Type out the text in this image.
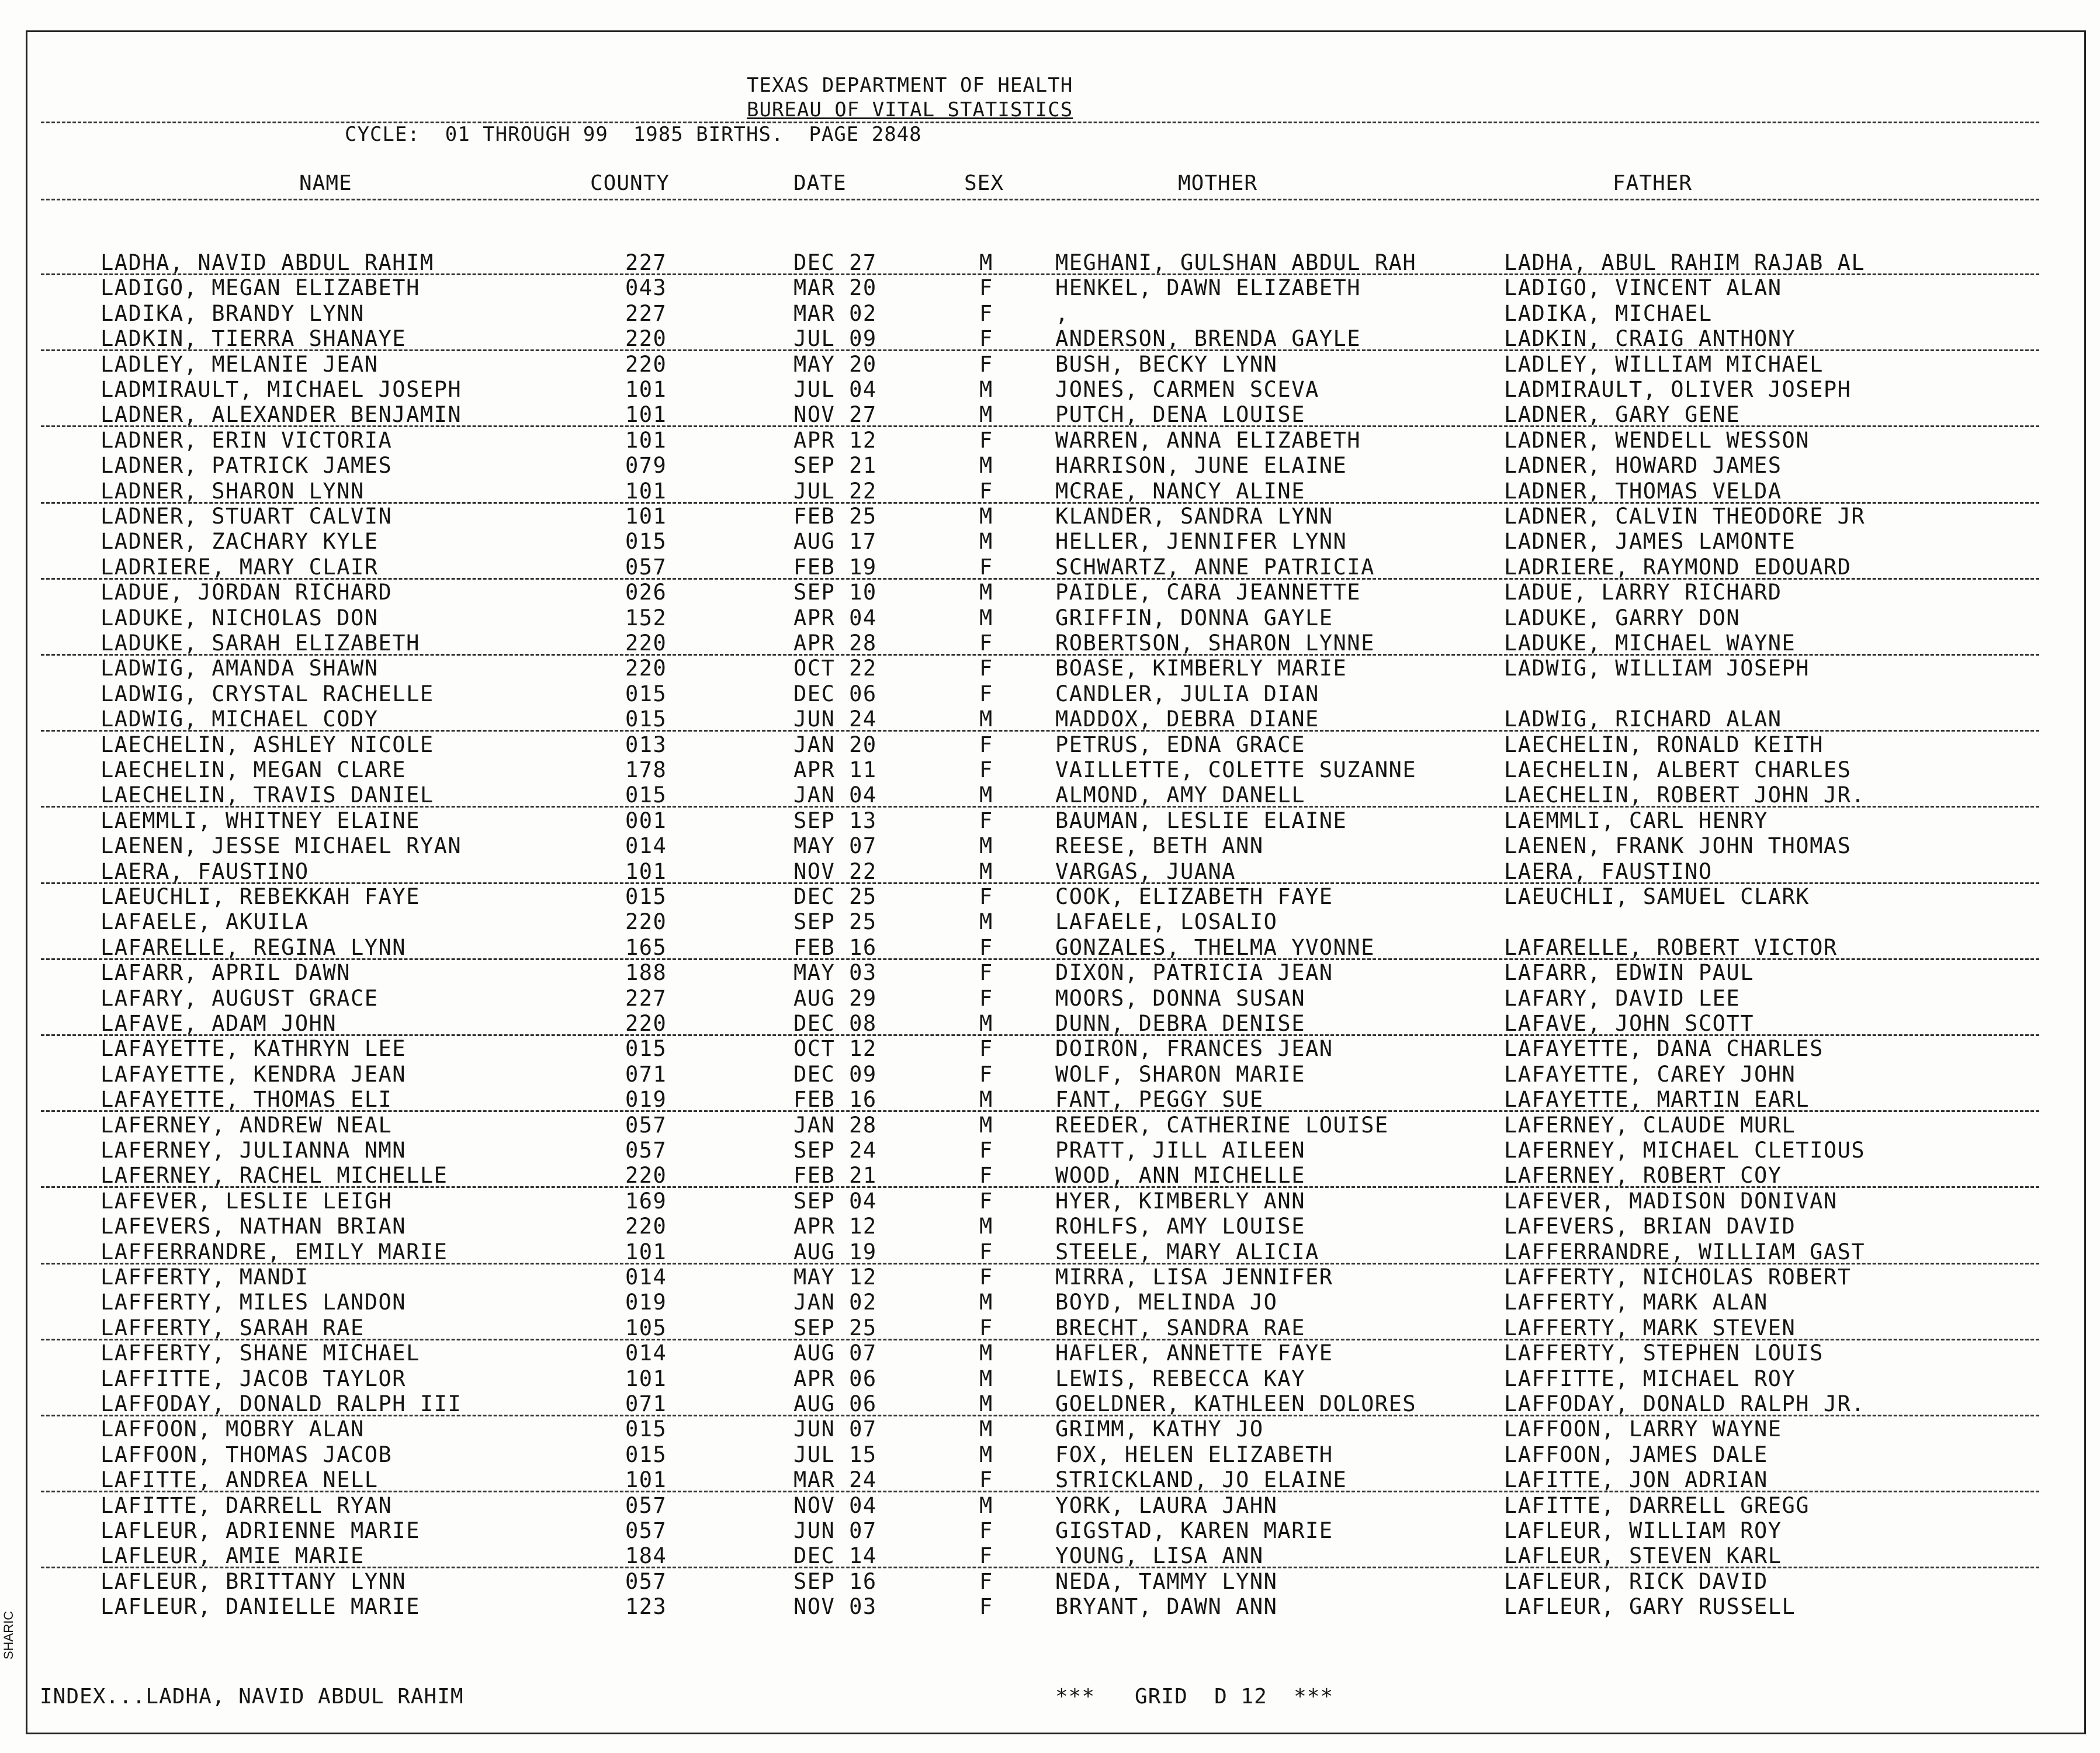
TEXAS DEPARTMENT OF HEALTH
BUREAU OF VITAL STATISTICS
CYCLE:  01 THROUGH 99  1985 BIRTHS.  PAGE 2848
NAME	COUNTY	DATE	SEX	MOTHER	FATHER
LADHA, NAVID ABDUL RAHIM	227	DEC 27	M	MEGHANI, GULSHAN ABDUL RAH	LADHA, ABUL RAHIM RAJAB AL
LADIGO, MEGAN ELIZABETH	043	MAR 20	F	HENKEL, DAWN ELIZABETH	LADIGO, VINCENT ALAN
LADIKA, BRANDY LYNN	227	MAR 02	F	,	LADIKA, MICHAEL
LADKIN, TIERRA SHANAYE	220	JUL 09	F	ANDERSON, BRENDA GAYLE	LADKIN, CRAIG ANTHONY
LADLEY, MELANIE JEAN	220	MAY 20	F	BUSH, BECKY LYNN	LADLEY, WILLIAM MICHAEL
LADMIRAULT, MICHAEL JOSEPH	101	JUL 04	M	JONES, CARMEN SCEVA	LADMIRAULT, OLIVER JOSEPH
LADNER, ALEXANDER BENJAMIN	101	NOV 27	M	PUTCH, DENA LOUISE	LADNER, GARY GENE
LADNER, ERIN VICTORIA	101	APR 12	F	WARREN, ANNA ELIZABETH	LADNER, WENDELL WESSON
LADNER, PATRICK JAMES	079	SEP 21	M	HARRISON, JUNE ELAINE	LADNER, HOWARD JAMES
LADNER, SHARON LYNN	101	JUL 22	F	MCRAE, NANCY ALINE	LADNER, THOMAS VELDA
LADNER, STUART CALVIN	101	FEB 25	M	KLANDER, SANDRA LYNN	LADNER, CALVIN THEODORE JR
LADNER, ZACHARY KYLE	015	AUG 17	M	HELLER, JENNIFER LYNN	LADNER, JAMES LAMONTE
LADRIERE, MARY CLAIR	057	FEB 19	F	SCHWARTZ, ANNE PATRICIA	LADRIERE, RAYMOND EDOUARD
LADUE, JORDAN RICHARD	026	SEP 10	M	PAIDLE, CARA JEANNETTE	LADUE, LARRY RICHARD
LADUKE, NICHOLAS DON	152	APR 04	M	GRIFFIN, DONNA GAYLE	LADUKE, GARRY DON
LADUKE, SARAH ELIZABETH	220	APR 28	F	ROBERTSON, SHARON LYNNE	LADUKE, MICHAEL WAYNE
LADWIG, AMANDA SHAWN	220	OCT 22	F	BOASE, KIMBERLY MARIE	LADWIG, WILLIAM JOSEPH
LADWIG, CRYSTAL RACHELLE	015	DEC 06	F	CANDLER, JULIA DIAN
LADWIG, MICHAEL CODY	015	JUN 24	M	MADDOX, DEBRA DIANE	LADWIG, RICHARD ALAN
LAECHELIN, ASHLEY NICOLE	013	JAN 20	F	PETRUS, EDNA GRACE	LAECHELIN, RONALD KEITH
LAECHELIN, MEGAN CLARE	178	APR 11	F	VAILLETTE, COLETTE SUZANNE	LAECHELIN, ALBERT CHARLES
LAECHELIN, TRAVIS DANIEL	015	JAN 04	M	ALMOND, AMY DANELL	LAECHELIN, ROBERT JOHN JR.
LAEMMLI, WHITNEY ELAINE	001	SEP 13	F	BAUMAN, LESLIE ELAINE	LAEMMLI, CARL HENRY
LAENEN, JESSE MICHAEL RYAN	014	MAY 07	M	REESE, BETH ANN	LAENEN, FRANK JOHN THOMAS
LAERA, FAUSTINO	101	NOV 22	M	VARGAS, JUANA	LAERA, FAUSTINO
LAEUCHLI, REBEKKAH FAYE	015	DEC 25	F	COOK, ELIZABETH FAYE	LAEUCHLI, SAMUEL CLARK
LAFAELE, AKUILA	220	SEP 25	M	LAFAELE, LOSALIO
LAFARELLE, REGINA LYNN	165	FEB 16	F	GONZALES, THELMA YVONNE	LAFARELLE, ROBERT VICTOR
LAFARR, APRIL DAWN	188	MAY 03	F	DIXON, PATRICIA JEAN	LAFARR, EDWIN PAUL
LAFARY, AUGUST GRACE	227	AUG 29	F	MOORS, DONNA SUSAN	LAFARY, DAVID LEE
LAFAVE, ADAM JOHN	220	DEC 08	M	DUNN, DEBRA DENISE	LAFAVE, JOHN SCOTT
LAFAYETTE, KATHRYN LEE	015	OCT 12	F	DOIRON, FRANCES JEAN	LAFAYETTE, DANA CHARLES
LAFAYETTE, KENDRA JEAN	071	DEC 09	F	WOLF, SHARON MARIE	LAFAYETTE, CAREY JOHN
LAFAYETTE, THOMAS ELI	019	FEB 16	M	FANT, PEGGY SUE	LAFAYETTE, MARTIN EARL
LAFERNEY, ANDREW NEAL	057	JAN 28	M	REEDER, CATHERINE LOUISE	LAFERNEY, CLAUDE MURL
LAFERNEY, JULIANNA NMN	057	SEP 24	F	PRATT, JILL AILEEN	LAFERNEY, MICHAEL CLETIOUS
LAFERNEY, RACHEL MICHELLE	220	FEB 21	F	WOOD, ANN MICHELLE	LAFERNEY, ROBERT COY
LAFEVER, LESLIE LEIGH	169	SEP 04	F	HYER, KIMBERLY ANN	LAFEVER, MADISON DONIVAN
LAFEVERS, NATHAN BRIAN	220	APR 12	M	ROHLFS, AMY LOUISE	LAFEVERS, BRIAN DAVID
LAFFERRANDRE, EMILY MARIE	101	AUG 19	F	STEELE, MARY ALICIA	LAFFERRANDRE, WILLIAM GAST
LAFFERTY, MANDI	014	MAY 12	F	MIRRA, LISA JENNIFER	LAFFERTY, NICHOLAS ROBERT
LAFFERTY, MILES LANDON	019	JAN 02	M	BOYD, MELINDA JO	LAFFERTY, MARK ALAN
LAFFERTY, SARAH RAE	105	SEP 25	F	BRECHT, SANDRA RAE	LAFFERTY, MARK STEVEN
LAFFERTY, SHANE MICHAEL	014	AUG 07	M	HAFLER, ANNETTE FAYE	LAFFERTY, STEPHEN LOUIS
LAFFITTE, JACOB TAYLOR	101	APR 06	M	LEWIS, REBECCA KAY	LAFFITTE, MICHAEL ROY
LAFFODAY, DONALD RALPH III	071	AUG 06	M	GOELDNER, KATHLEEN DOLORES	LAFFODAY, DONALD RALPH JR.
LAFFOON, MOBRY ALAN	015	JUN 07	M	GRIMM, KATHY JO	LAFFOON, LARRY WAYNE
LAFFOON, THOMAS JACOB	015	JUL 15	M	FOX, HELEN ELIZABETH	LAFFOON, JAMES DALE
LAFITTE, ANDREA NELL	101	MAR 24	F	STRICKLAND, JO ELAINE	LAFITTE, JON ADRIAN
LAFITTE, DARRELL RYAN	057	NOV 04	M	YORK, LAURA JAHN	LAFITTE, DARRELL GREGG
LAFLEUR, ADRIENNE MARIE	057	JUN 07	F	GIGSTAD, KAREN MARIE	LAFLEUR, WILLIAM ROY
LAFLEUR, AMIE MARIE	184	DEC 14	F	YOUNG, LISA ANN	LAFLEUR, STEVEN KARL
LAFLEUR, BRITTANY LYNN	057	SEP 16	F	NEDA, TAMMY LYNN	LAFLEUR, RICK DAVID
LAFLEUR, DANIELLE MARIE	123	NOV 03	F	BRYANT, DAWN ANN	LAFLEUR, GARY RUSSELL
INDEX...LADHA, NAVID ABDUL RAHIM	***   GRID  D 12  ***
SHARIC
